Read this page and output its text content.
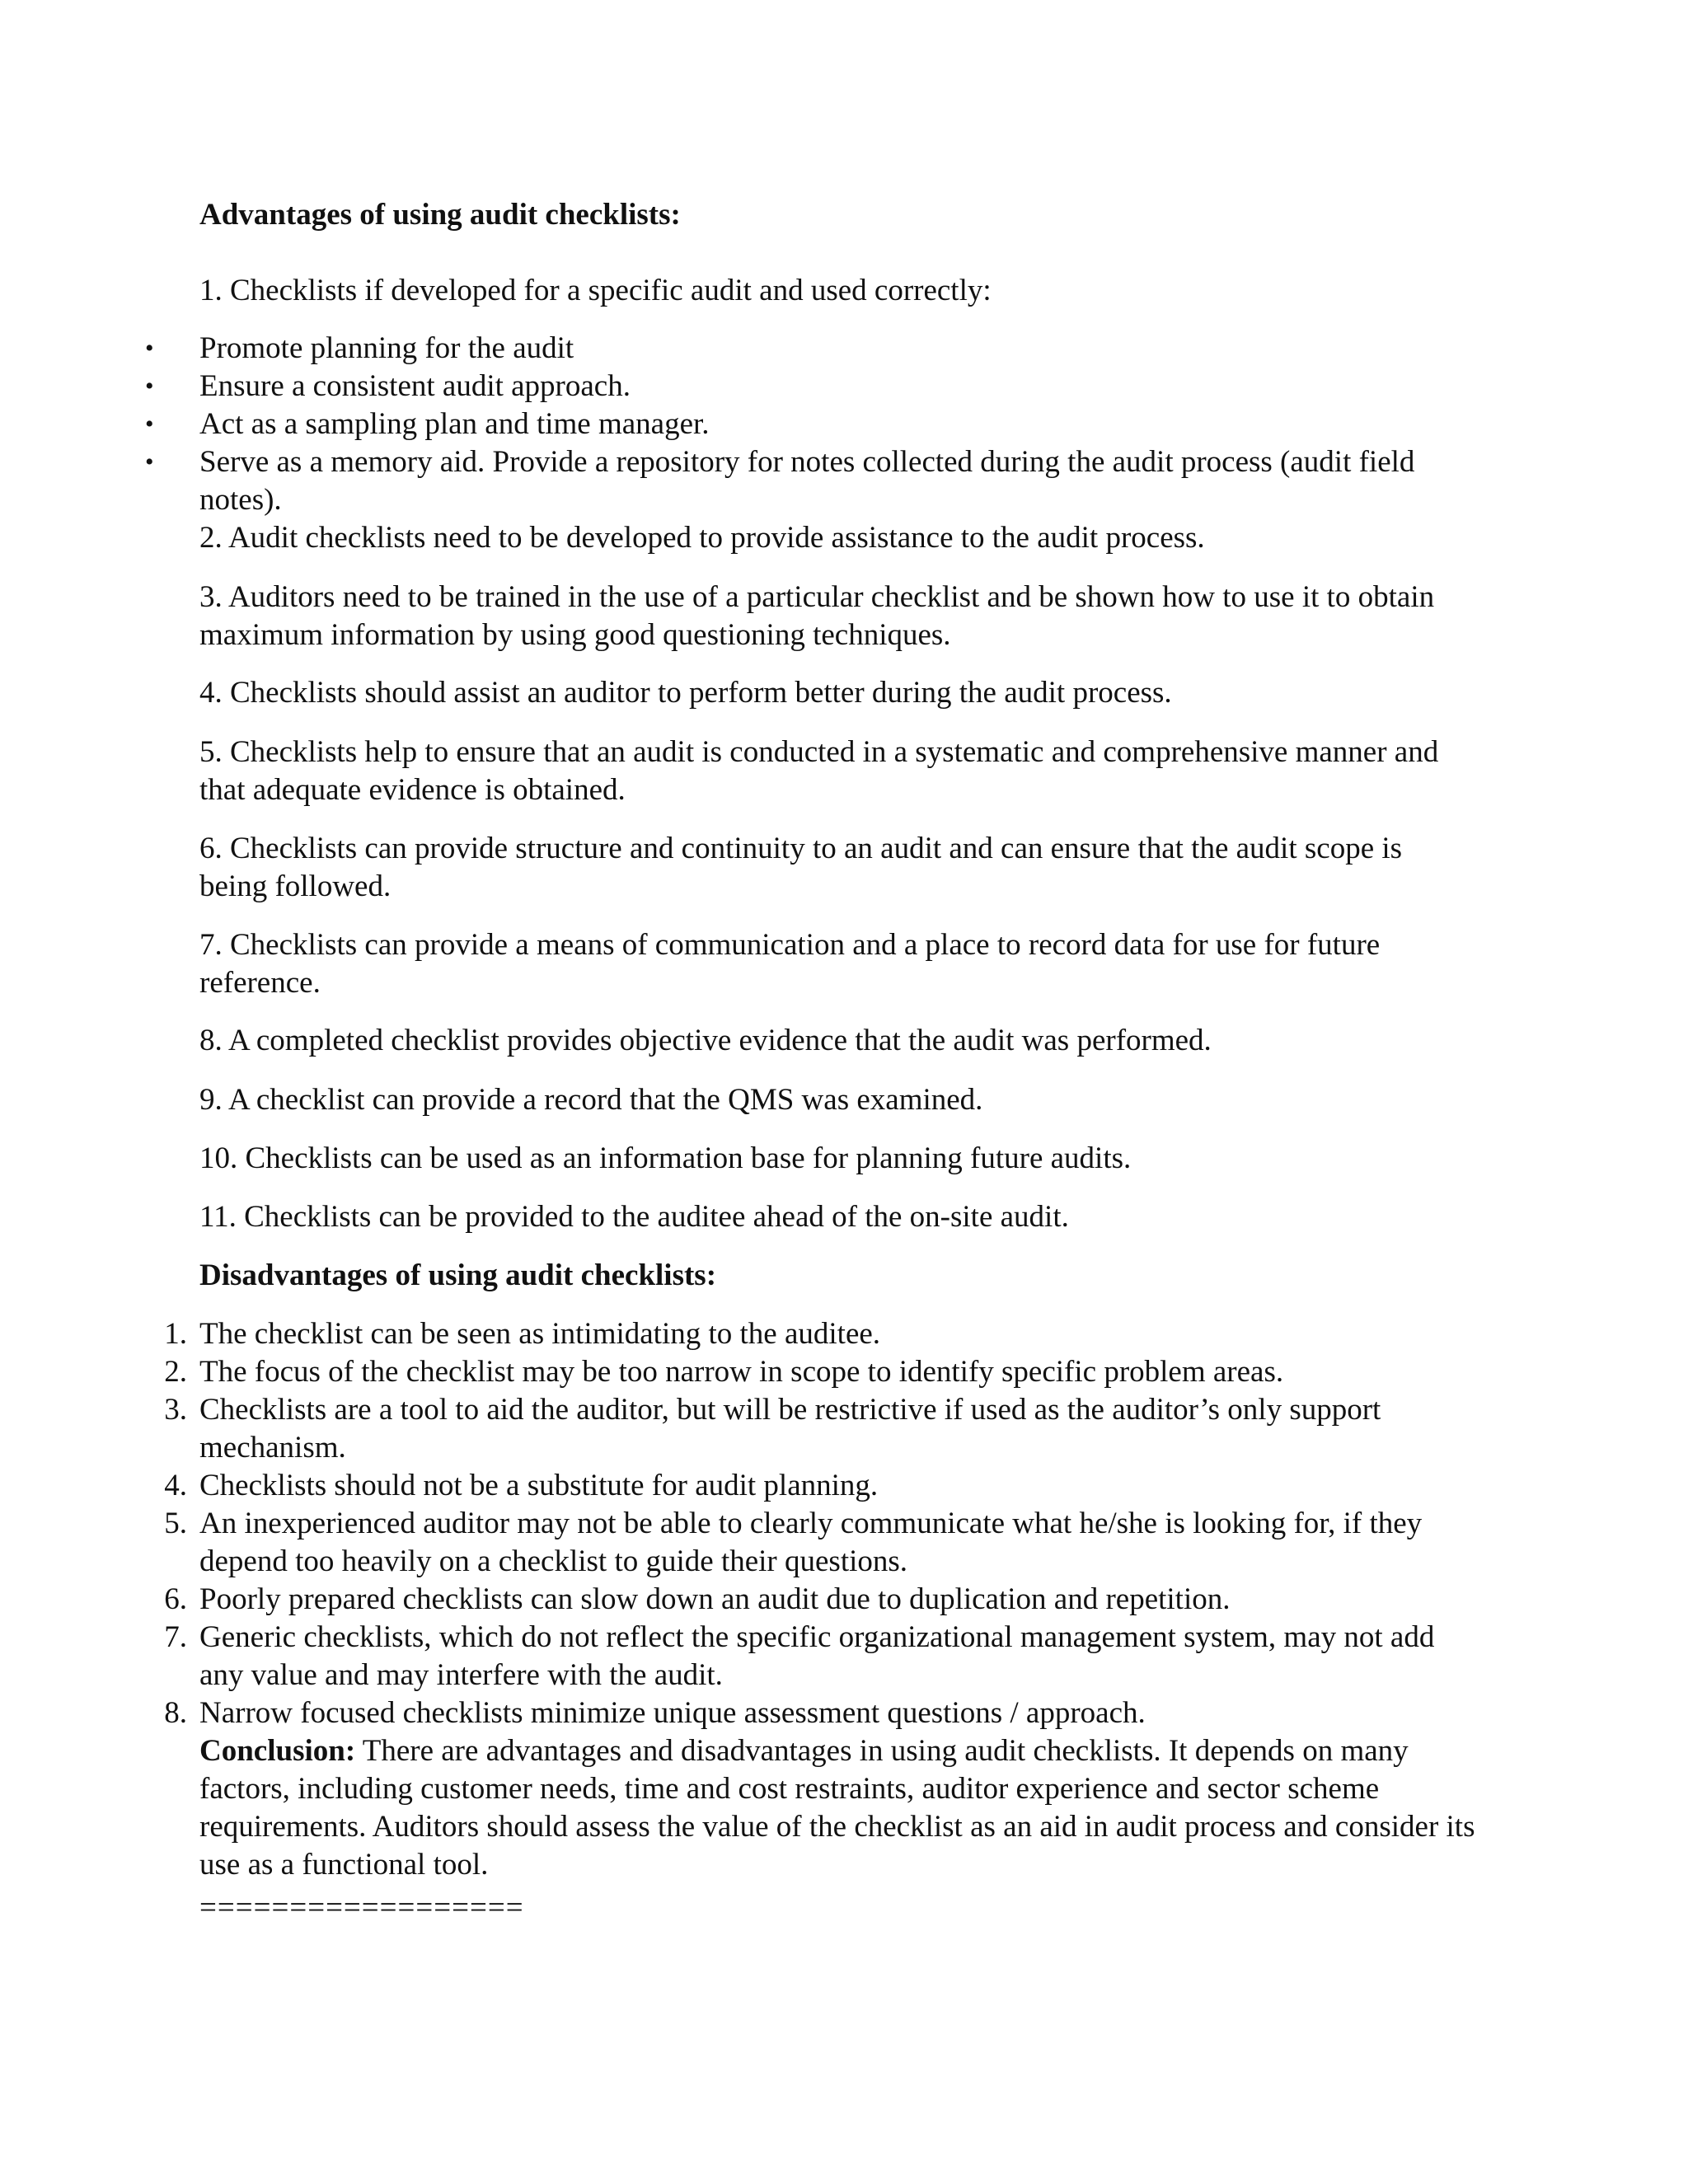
Advantages of using audit checklists:

1. Checklists if developed for a specific audit and used correctly:

•	Promote planning for the audit
•	Ensure a consistent audit approach.
•	Act as a sampling plan and time manager.
•	Serve as a memory aid. Provide a repository for notes collected during the audit process (audit field notes).

2. Audit checklists need to be developed to provide assistance to the audit process.

3. Auditors need to be trained in the use of a particular checklist and be shown how to use it to obtain maximum information by using good questioning techniques.

4. Checklists should assist an auditor to perform better during the audit process.

5. Checklists help to ensure that an audit is conducted in a systematic and comprehensive manner and that adequate evidence is obtained.

6. Checklists can provide structure and continuity to an audit and can ensure that the audit scope is being followed.

7. Checklists can provide a means of communication and a place to record data for use for future reference.

8. A completed checklist provides objective evidence that the audit was performed.

9. A checklist can provide a record that the QMS was examined.

10. Checklists can be used as an information base for planning future audits.

11. Checklists can be provided to the auditee ahead of the on-site audit.

Disadvantages of using audit checklists:

1. The checklist can be seen as intimidating to the auditee.
2. The focus of the checklist may be too narrow in scope to identify specific problem areas.
3. Checklists are a tool to aid the auditor, but will be restrictive if used as the auditor’s only support mechanism.
4. Checklists should not be a substitute for audit planning.
5. An inexperienced auditor may not be able to clearly communicate what he/she is looking for, if they depend too heavily on a checklist to guide their questions.
6. Poorly prepared checklists can slow down an audit due to duplication and repetition.
7. Generic checklists, which do not reflect the specific organizational management system, may not add any value and may interfere with the audit.
8. Narrow focused checklists minimize unique assessment questions / approach.

Conclusion: There are advantages and disadvantages in using audit checklists. It depends on many factors, including customer needs, time and cost restraints, auditor experience and sector scheme requirements. Auditors should assess the value of the checklist as an aid in audit process and consider its use as a functional tool.

==================
